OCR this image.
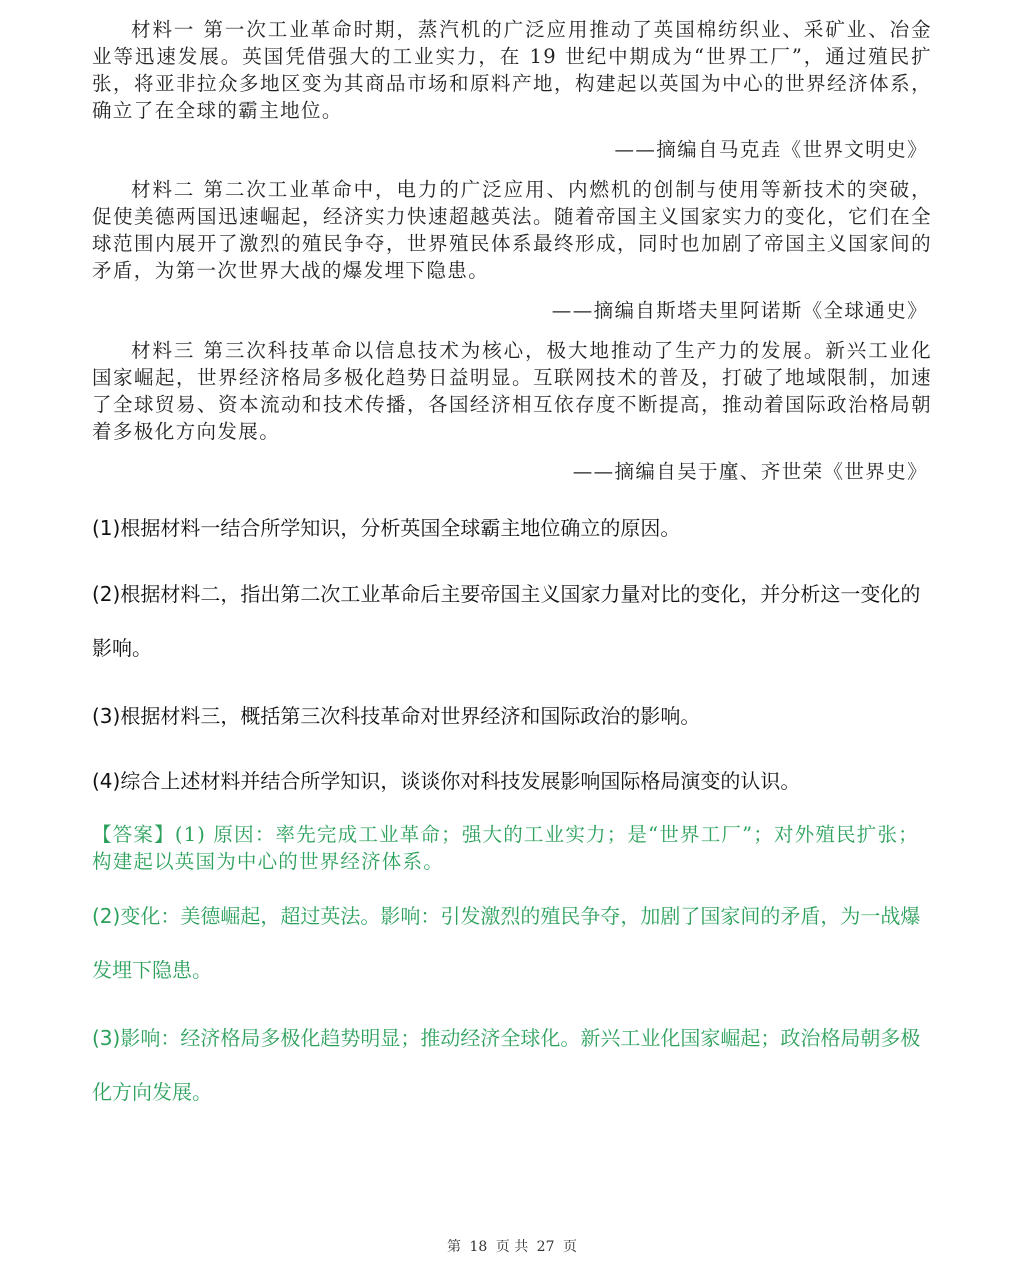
材料一 第一次工业革命时期，蒸汽机的广泛应用推动了英国棉纺织业、采矿业、冶金业等迅速发展。英国凭借强大的工业实力，在 19 世纪中期成为“世界工厂”，通过殖民扩张，将亚非拉众多地区变为其商品市场和原料产地，构建起以英国为中心的世界经济体系，确立了在全球的霸主地位。

——摘编自马克垚《世界文明史》

材料二 第二次工业革命中，电力的广泛应用、内燃机的创制与使用等新技术的突破，促使美德两国迅速崛起，经济实力快速超越英法。随着帝国主义国家实力的变化，它们在全球范围内展开了激烈的殖民争夺，世界殖民体系最终形成，同时也加剧了帝国主义国家间的矛盾，为第一次世界大战的爆发埋下隐患。

——摘编自斯塔夫里阿诺斯《全球通史》

材料三 第三次科技革命以信息技术为核心，极大地推动了生产力的发展。新兴工业化国家崛起，世界经济格局多极化趋势日益明显。互联网技术的普及，打破了地域限制，加速了全球贸易、资本流动和技术传播，各国经济相互依存度不断提高，推动着国际政治格局朝着多极化方向发展。

——摘编自吴于廑、齐世荣《世界史》

(1)根据材料一结合所学知识，分析英国全球霸主地位确立的原因。

(2)根据材料二，指出第二次工业革命后主要帝国主义国家力量对比的变化，并分析这一变化的影响。

(3)根据材料三，概括第三次科技革命对世界经济和国际政治的影响。

(4)综合上述材料并结合所学知识，谈谈你对科技发展影响国际格局演变的认识。

【答案】(1) 原因：率先完成工业革命；强大的工业实力；是“世界工厂”；对外殖民扩张；构建起以英国为中心的世界经济体系。

(2)变化：美德崛起，超过英法。影响：引发激烈的殖民争夺，加剧了国家间的矛盾，为一战爆发埋下隐患。

(3)影响：经济格局多极化趋势明显；推动经济全球化。新兴工业化国家崛起；政治格局朝多极化方向发展。

第 18 页 共 27 页
